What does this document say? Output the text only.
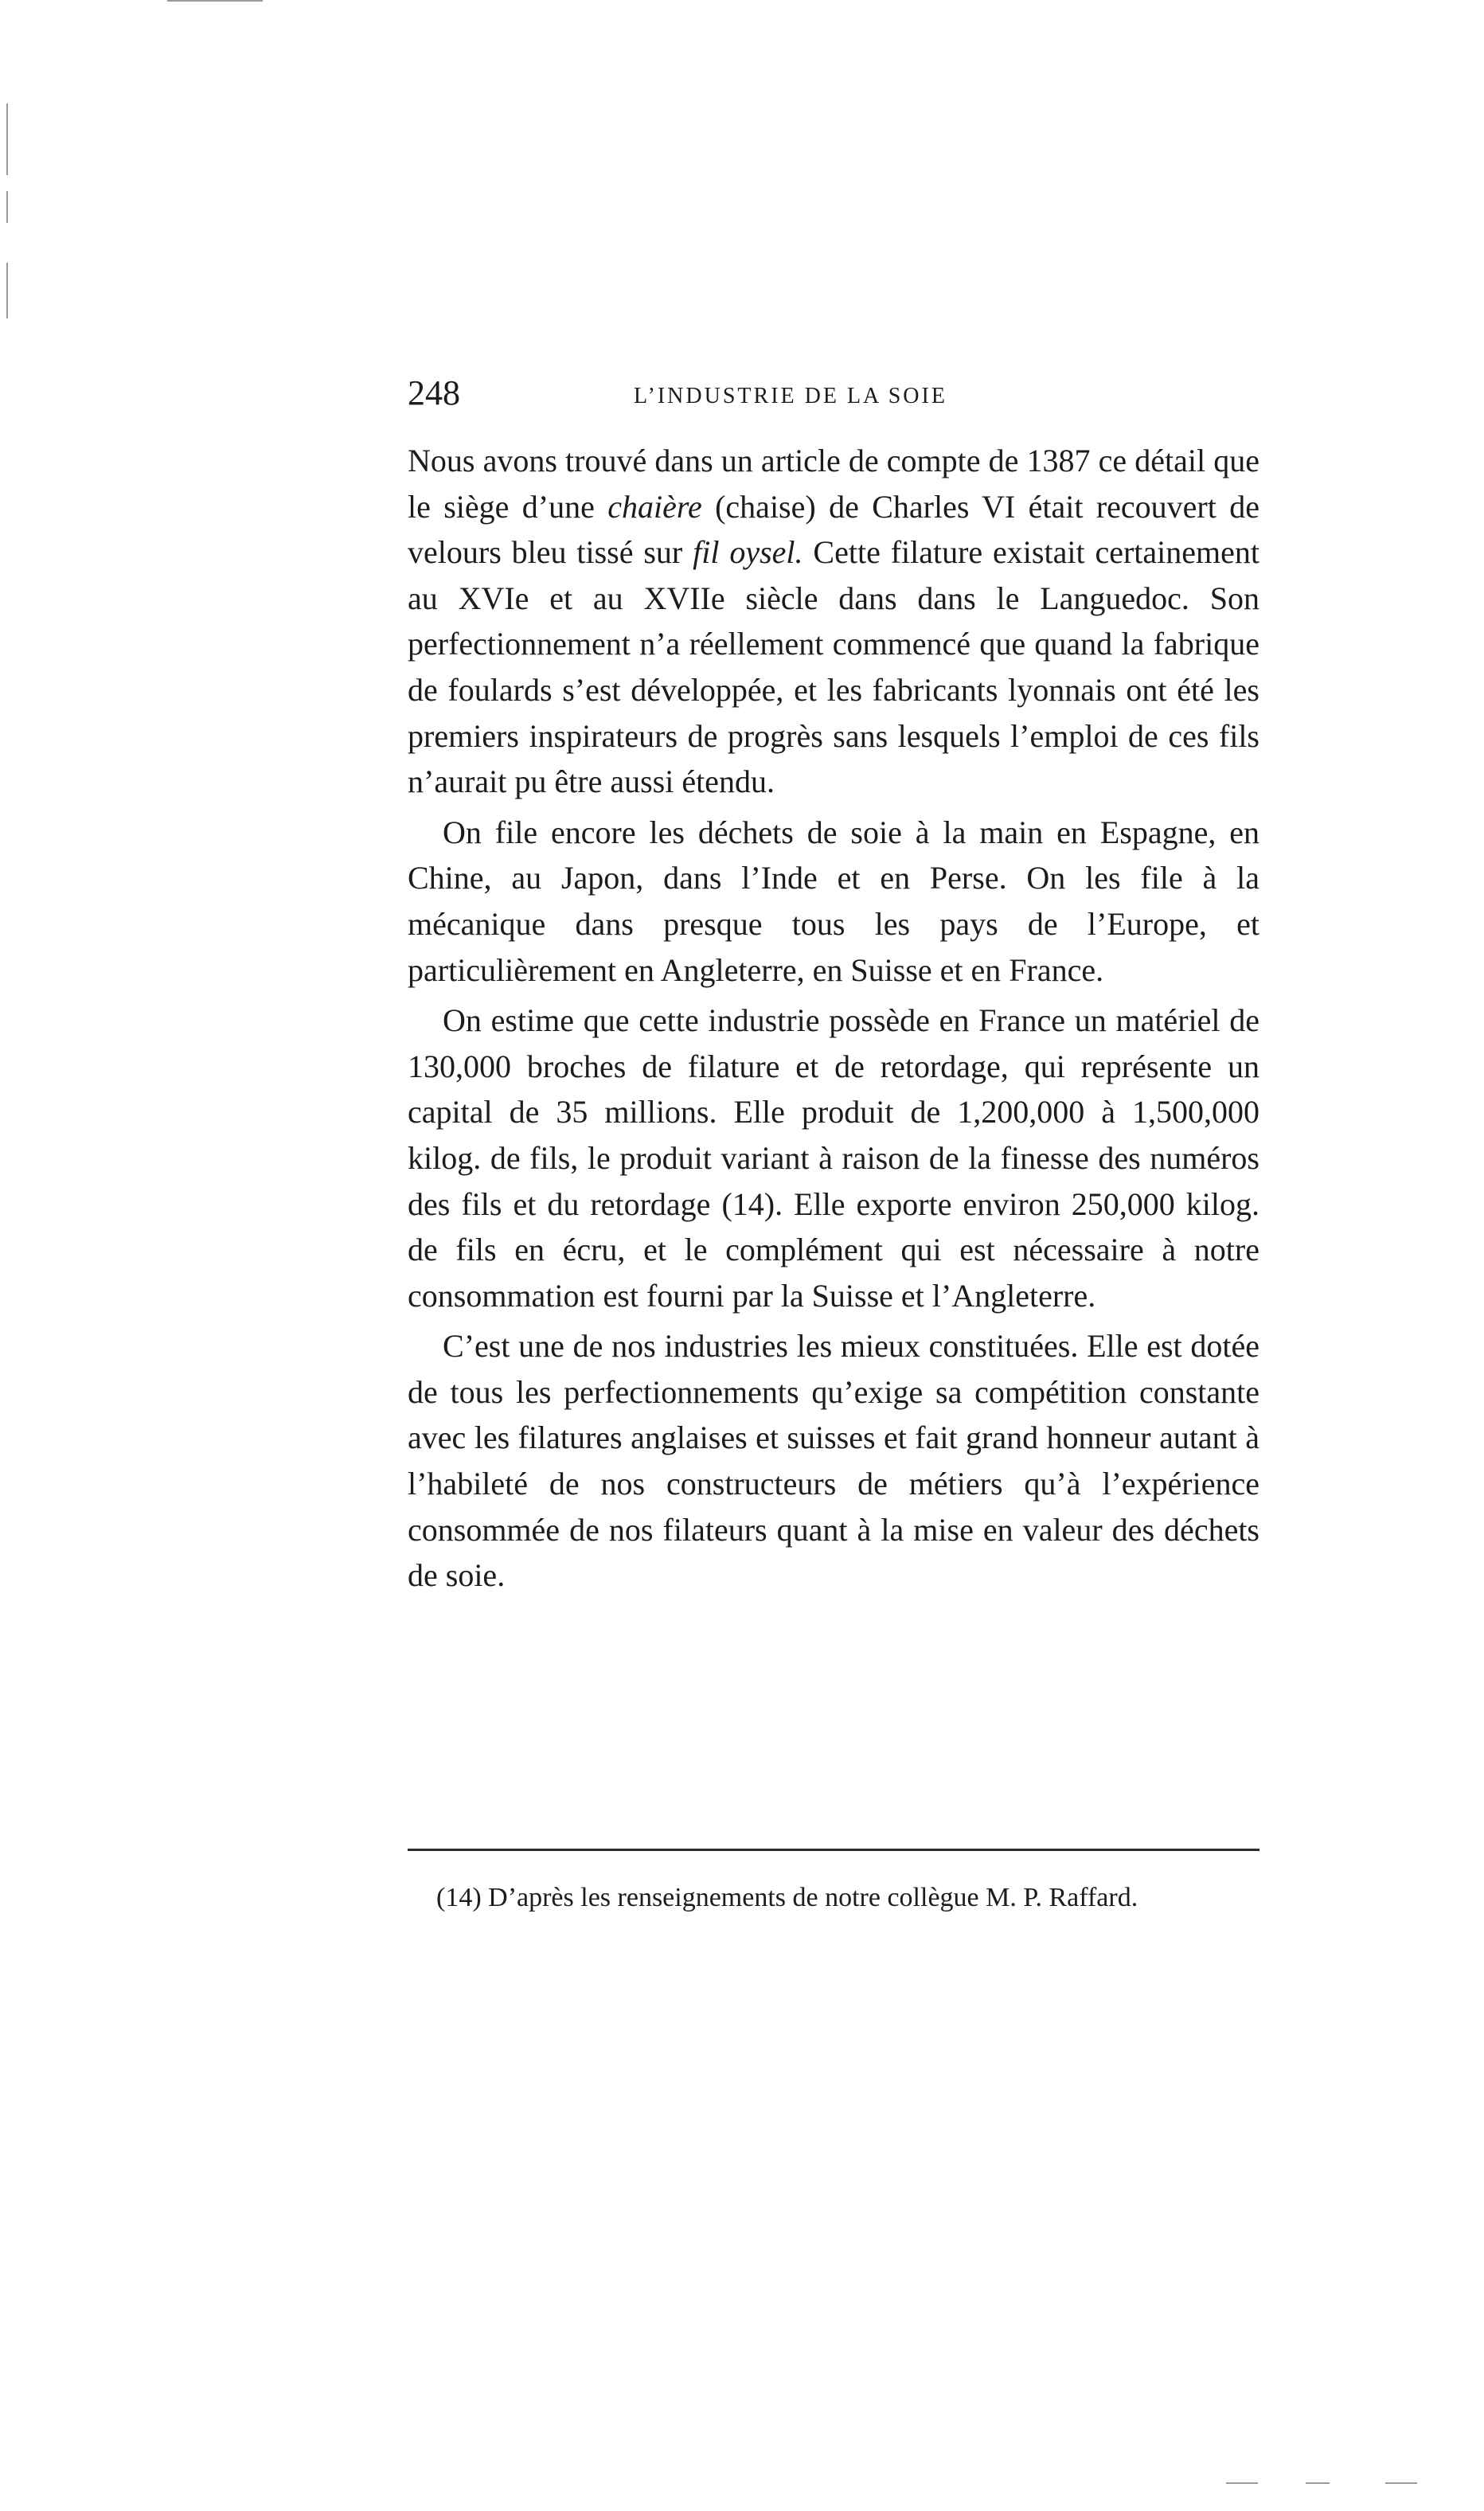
248	L’INDUSTRIE DE LA SOIE

Nous avons trouvé dans un article de compte de 1387 ce détail que le siège d’une chaière (chaise) de Charles VI était recouvert de velours bleu tissé sur fil oysel. Cette filature existait certainement au XVIe et au XVIIe siècle dans dans le Languedoc. Son perfectionnement n’a réellement commencé que quand la fabrique de foulards s’est développée, et les fabricants lyonnais ont été les premiers inspirateurs de progrès sans lesquels l’emploi de ces fils n’aurait pu être aussi étendu.

On file encore les déchets de soie à la main en Espagne, en Chine, au Japon, dans l’Inde et en Perse. On les file à la mécanique dans presque tous les pays de l’Europe, et particulièrement en Angleterre, en Suisse et en France.

On estime que cette industrie possède en France un matériel de 130,000 broches de filature et de retordage, qui représente un capital de 35 millions. Elle produit de 1,200,000 à 1,500,000 kilog. de fils, le produit variant à raison de la finesse des numéros des fils et du retordage (14). Elle exporte environ 250,000 kilog. de fils en écru, et le complément qui est nécessaire à notre consommation est fourni par la Suisse et l’Angleterre.

C’est une de nos industries les mieux constituées. Elle est dotée de tous les perfectionnements qu’exige sa compétition constante avec les filatures anglaises et suisses et fait grand honneur autant à l’habileté de nos constructeurs de métiers qu’à l’expérience consommée de nos filateurs quant à la mise en valeur des déchets de soie.

(14) D’après les renseignements de notre collègue M. P. Raffard.
